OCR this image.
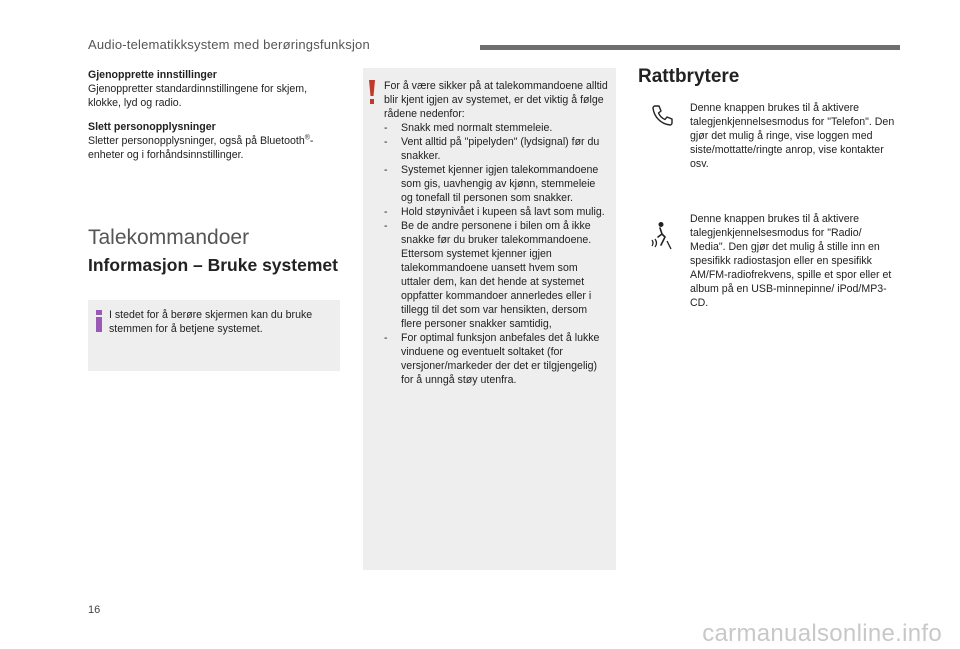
Audio-telematikksystem med berøringsfunksjon
Gjenopprette innstillinger
Gjenoppretter standardinnstillingene for skjem, klokke, lyd og radio.
Slett personopplysninger
Sletter personopplysninger, også på Bluetooth®-enheter og i forhåndsinnstillinger.
Talekommandoer
Informasjon – Bruke systemet
I stedet for å berøre skjermen kan du bruke stemmen for å betjene systemet.
For å være sikker på at talekommandoene alltid blir kjent igjen av systemet, er det viktig å følge rådene nedenfor:
- Snakk med normalt stemmeleie.
- Vent alltid på "pipelyden" (lydsignal) før du snakker.
- Systemet kjenner igjen talekommandoene som gis, uavhengig av kjønn, stemmeleie og tonefall til personen som snakker.
- Hold støynivået i kupeen så lavt som mulig.
- Be de andre personene i bilen om å ikke snakke før du bruker talekommandoene. Ettersom systemet kjenner igjen talekommandoene uansett hvem som uttaler dem, kan det hende at systemet oppfatter kommandoer annerledes eller i tillegg til det som var hensikten, dersom flere personer snakker samtidig,
- For optimal funksjon anbefales det å lukke vinduene og eventuelt soltaket (for versjoner/markeder der det er tilgjengelig) for å unngå støy utenfra.
Rattbrytere
Denne knappen brukes til å aktivere talegjenkjennelsesmodus for "Telefon". Den gjør det mulig å ringe, vise loggen med siste/mottatte/ringte anrop, vise kontakter osv.
Denne knappen brukes til å aktivere talegjenkjennelsesmodus for "Radio/ Media". Den gjør det mulig å stille inn en spesifikk radiostasjon eller en spesifikk AM/FM-radiofrekvens, spille et spor eller et album på en USB-minnepinne/ iPod/MP3-CD.
16
carmanualsonline.info
